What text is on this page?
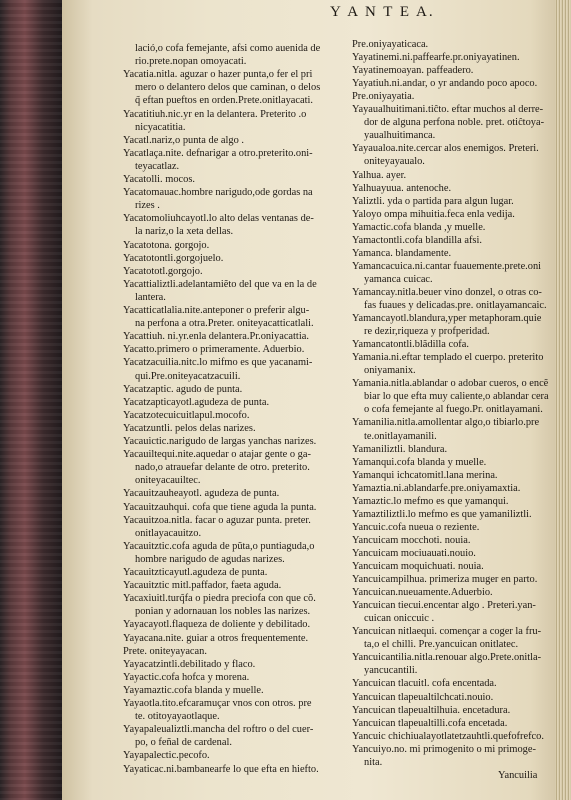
Y A N T E A.
lació,o cofa femejante, afsi como auenida de
rio.prete.nopan omoyacati.
Yacatia.nitla. aguzar o hazer punta,o fer el pri
mero o delantero delos que caminan, o delos
q̃ eftan pueftos en orden.Prete.onitlayacati.
Yacatitiuh.nic.yr en la delantera. Preterito .o
nicyacatitia.
Yacatl.nariz,o punta de algo .
Yacatlaça.nite. defnarigar a otro.preterito.oni-
teyacatlaz.
Yacatolli. mocos.
Yacatomauac.hombre narigudo,ode gordas na
rizes .
Yacatomoliuhcayotl.lo alto delas ventanas de-
la nariz,o la xeta dellas.
Yacatotona. gorgojo.
Yacatotontli.gorgojuelo.
Yacatototl.gorgojo.
Yacattializtli.adelantamiẽto del que va en la de
lantera.
Yacatticatlalia.nite.anteponer o preferir algu-
na perfona a otra.Preter. oniteyacatticatlali.
Yacattiuh. ni.yr.enla delantera.Pr.oniyacattia.
Yacatto.primero o primeramente. Aduerbio.
Yacatzacuilia.nitc.lo mifmo es que yacanami-
qui.Pre.oniteyacatzacuili.
Yacatzaptic. agudo de punta.
Yacatzapticayotl.agudeza de punta.
Yacatzotecuicuitlapul.mocofo.
Yacatzuntli. pelos delas narizes.
Yacauictic.narigudo de largas yanchas narizes.
Yacauiltequi.nite.aquedar o atajar gente o ga-
nado,o atrauefar delante de otro. preterito.
oniteyacauiltec.
Yacauitzauheayotl. agudeza de punta.
Yacauitzauhqui. cofa que tiene aguda la punta.
Yacauitzoa.nitla. facar o aguzar punta. preter.
onitlayacauitzo.
Yacauitztic.cofa aguda de pũta,o puntiaguda,o
hombre narigudo de agudas narizes.
Yacauitzticayutl.agudeza de punta.
Yacauitztic mitl.paffador, faeta aguda.
Yacaxiuitl.turq̃fa o piedra preciofa con que cõ.
ponian y adornauan los nobles las narizes.
Yayacayotl.flaqueza de doliente y debilitado.
Yayacana.nite. guiar a otros frequentemente.
Prete. oniteyayacan.
Yayacatzintli.debilitado y flaco.
Yayactic.cofa hofca y morena.
Yayamaztic.cofa blanda y muelle.
Yayaotla.tito.efcaramuçar vnos con otros. pre
te. otitoyayaotlaque.
Yayapaleualiztli.mancha del roftro o del cuer-
po, o feñal de cardenal.
Yayapalectic.pecofo.
Yayaticac.ni.bambanearfe lo que efta en hiefto.
Pre.oniyayaticaca.
Yayatinemi.ni.paffearfe.pr.oniyayatinen.
Yayatinemoayan. paffeadero.
Yayatiuh.ni.andar, o yr andando poco apoco.
Pre.oniyayatia.
Yayaualhuitimani.tiĉto. eftar muchos al derre-
dor de alguna perfona noble. pret. otiĉtoya-
yaualhuitimanca.
Yayaualoa.nite.cercar alos enemigos. Preteri.
oniteyayaualo.
Yalhua. ayer.
Yalhuayuua. antenoche.
Yaliztli. yda o partida para algun lugar.
Yaloyo ompa mihuitia.feca enla vedija.
Yamactic.cofa blanda ,y muelle.
Yamactontli.cofa blandilla afsi.
Yamanca. blandamente.
Yamancacuica.ni.cantar fuauemente.prete.oni
yamanca cuicac.
Yamancay.nitla.beuer vino donzel, o otras co-
fas fuaues y delicadas.pre. onitlayamancaic.
Yamancayotl.blandura,yper metaphoram.quie
re dezir,riqueza y profperidad.
Yamancatontli.blãdilla cofa.
Yamania.ni.eftar templado el cuerpo. preterito
oniyamanix.
Yamania.nitla.ablandar o adobar cueros, o encẽ
biar lo que efta muy caliente,o ablandar cera
o cofa femejante al fuego.Pr. onitlayamani.
Yamanilia.nitla.amollentar algo,o tibiarlo.pre
te.onitlayamanili.
Yamaniliztli. blandura.
Yamanqui.cofa blanda y muelle.
Yamanqui ichcatomitl.lana merina.
Yamaztia.ni.ablandarfe.pre.oniyamaxtia.
Yamaztic.lo mefmo es que yamanqui.
Yamaztiliztli.lo mefmo es que yamaniliztli.
Yancuic.cofa nueua o reziente.
Yancuicam mocchoti. nouia.
Yancuicam mociuauati.nouio.
Yancuicam moquichuati. nouia.
Yancuicampilhua. primeriza muger en parto.
Yancuican.nueuamente.Aduerbio.
Yancuican tiecui.encentar algo . Preteri.yan-
cuican oniccuic .
Yancuican nitlaequi. començar a coger la fru-
ta,o el chilli. Pre.yancuican onitlatec.
Yancuicantilia.nitla.renouar algo.Prete.onitla-
yancucantili.
Yancuican tlacuitl. cofa encentada.
Yancuican tlapeualtilchcati.nouio.
Yancuican tlapeualtilhuia. encetadura.
Yancuican tlapeualtilli.cofa encetada.
Yancuic chichiualayotlatetzauhtli.quefofrefco.
Yancuiyo.no. mi primogenito o mi primoge-
nita.
Yancuilia
